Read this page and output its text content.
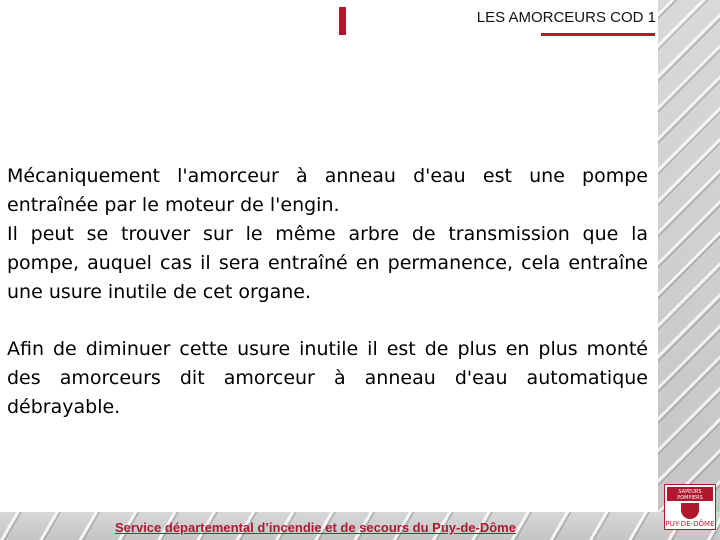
LES AMORCEURS COD 1

Mécaniquement l'amorceur à anneau d'eau est une pompe entraînée par le moteur de l'engin.

Il peut se trouver sur le même arbre de transmission que la pompe, auquel cas il sera entraîné en permanence, cela entraîne une usure inutile de cet organe.

Afin de diminuer cette usure inutile il est de plus en plus monté des amorceurs dit amorceur à anneau d'eau automatique débrayable.

Service départemental d’incendie et de secours du Puy-de-Dôme
SAPEURS POMPIERS
PUY-DE-DÔME
